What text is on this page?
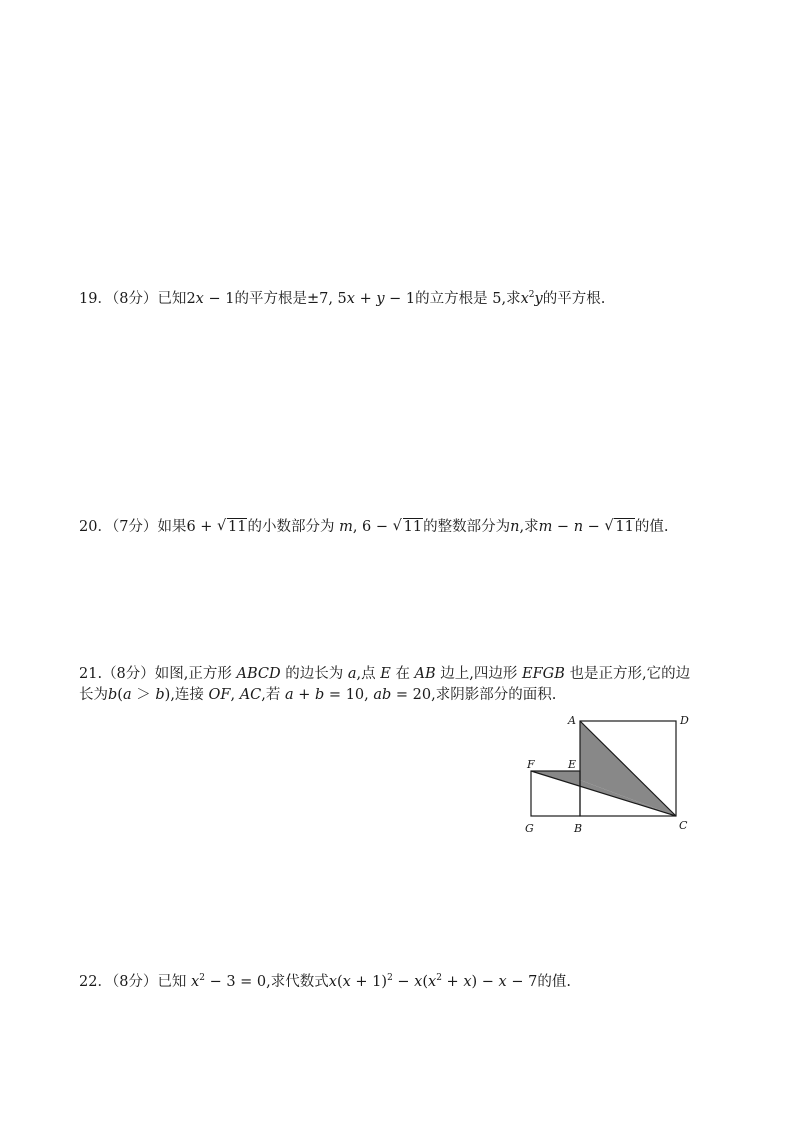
19．（8分）已知2x − 1的平方根是±7, 5x + y − 1的立方根是 5,求$x^2y$的平方根.
20．（7分）如果6 + √ 11的小数部分为 m, 6 − √ 11的整数部分为n,求m − n − √ 11的值.
21.（8分）如图,正方形 ABCD 的边长为 a,点 E 在 AB 边上,四边形 EFGB 也是正方形,它的边
长为b(a ＞ b),连接 OF, AC,若 a + b = 10, ab = 20,求阴影部分的面积.
A	D
F	E
G	B	C
22．（8分）已知 $x^2 - 3 = 0$,求代数式$x(x + 1)^2 - x(x^2 + x) - x - 7$的值.
